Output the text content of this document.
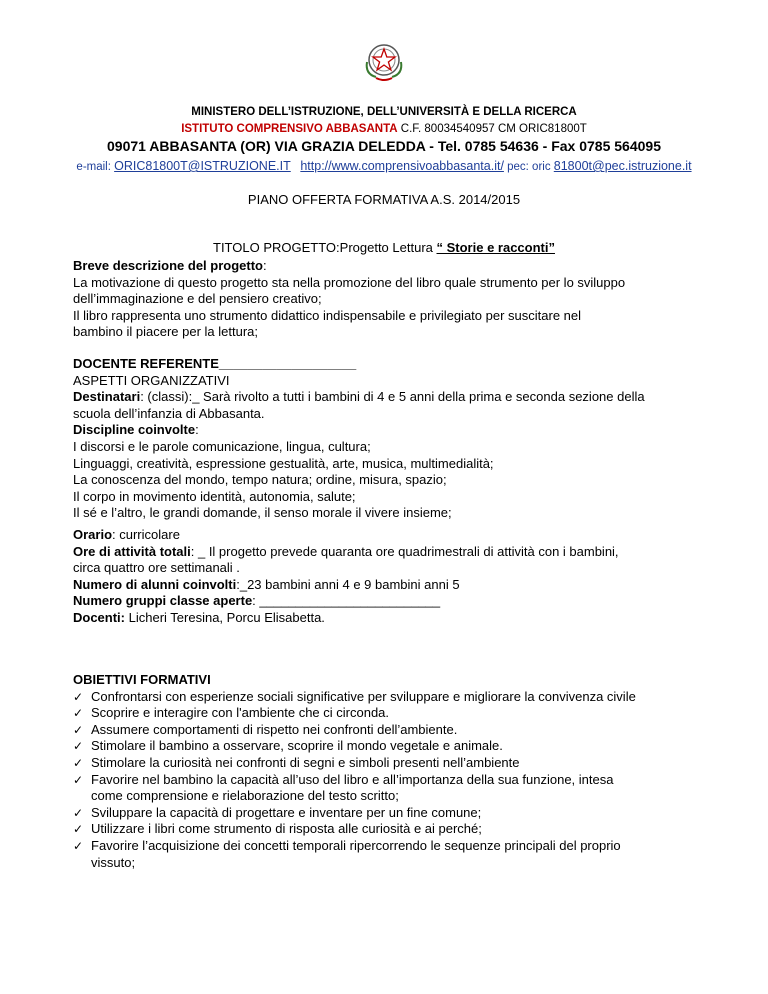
MINISTERO DELL’ISTRUZIONE, DELL’UNIVERSITÀ E DELLA RICERCA
ISTITUTO COMPRENSIVO ABBASANTA C.F. 80034540957 CM ORIC81800T
09071 ABBASANTA (OR) VIA GRAZIA DELEDDA - Tel. 0785 54636 - Fax 0785 564095
e-mail: ORIC81800T@ISTRUZIONE.IT http://www.comprensivoabbasanta.it/ pec: oric 81800t@pec.istruzione.it
PIANO OFFERTA FORMATIVA A.S. 2014/2015
TITOLO PROGETTO:Progetto Lettura “ Storie e racconti”
Breve descrizione del progetto:
La motivazione di questo progetto sta nella promozione del libro quale strumento per lo sviluppo
dell’immaginazione e del pensiero creativo;
Il libro rappresenta uno strumento didattico indispensabile e privilegiato per suscitare nel
bambino il piacere per la lettura;
DOCENTE REFERENTE___________________
ASPETTI ORGANIZZATIVI
Destinatari: (classi):_ Sarà rivolto a tutti i bambini di 4 e 5 anni della prima e seconda sezione della
scuola dell’infanzia di Abbasanta.
Discipline coinvolte:
I discorsi e le parole comunicazione, lingua, cultura;
Linguaggi, creatività, espressione gestualità, arte, musica, multimedialità;
La conoscenza del mondo, tempo natura; ordine, misura, spazio;
Il corpo in movimento identità, autonomia, salute;
Il sé e l’altro, le grandi domande, il senso morale il vivere insieme;
Orario: curricolare
Ore di attività totali: _ Il progetto prevede quaranta ore quadrimestrali di attività con i bambini,
circa quattro ore settimanali .
Numero di alunni coinvolti:_23 bambini anni 4 e 9 bambini anni 5
Numero gruppi classe aperte: _________________________
Docenti: Licheri Teresina, Porcu Elisabetta.
OBIETTIVI FORMATIVI
✓ Confrontarsi con esperienze sociali significative per sviluppare e migliorare la convivenza civile
✓ Scoprire e interagire con l'ambiente che ci circonda.
✓ Assumere comportamenti di rispetto nei confronti dell’ambiente.
✓ Stimolare il bambino a osservare, scoprire il mondo vegetale e animale.
✓ Stimolare la curiosità nei confronti di segni e simboli presenti nell’ambiente
✓ Favorire nel bambino la capacità all’uso del libro e all’importanza della sua funzione, intesa
come comprensione e rielaborazione del testo scritto;
✓ Sviluppare la capacità di progettare e inventare per un fine comune;
✓ Utilizzare i libri come strumento di risposta alle curiosità e ai perché;
✓ Favorire l’acquisizione dei concetti temporali ripercorrendo le sequenze principali del proprio
vissuto;
